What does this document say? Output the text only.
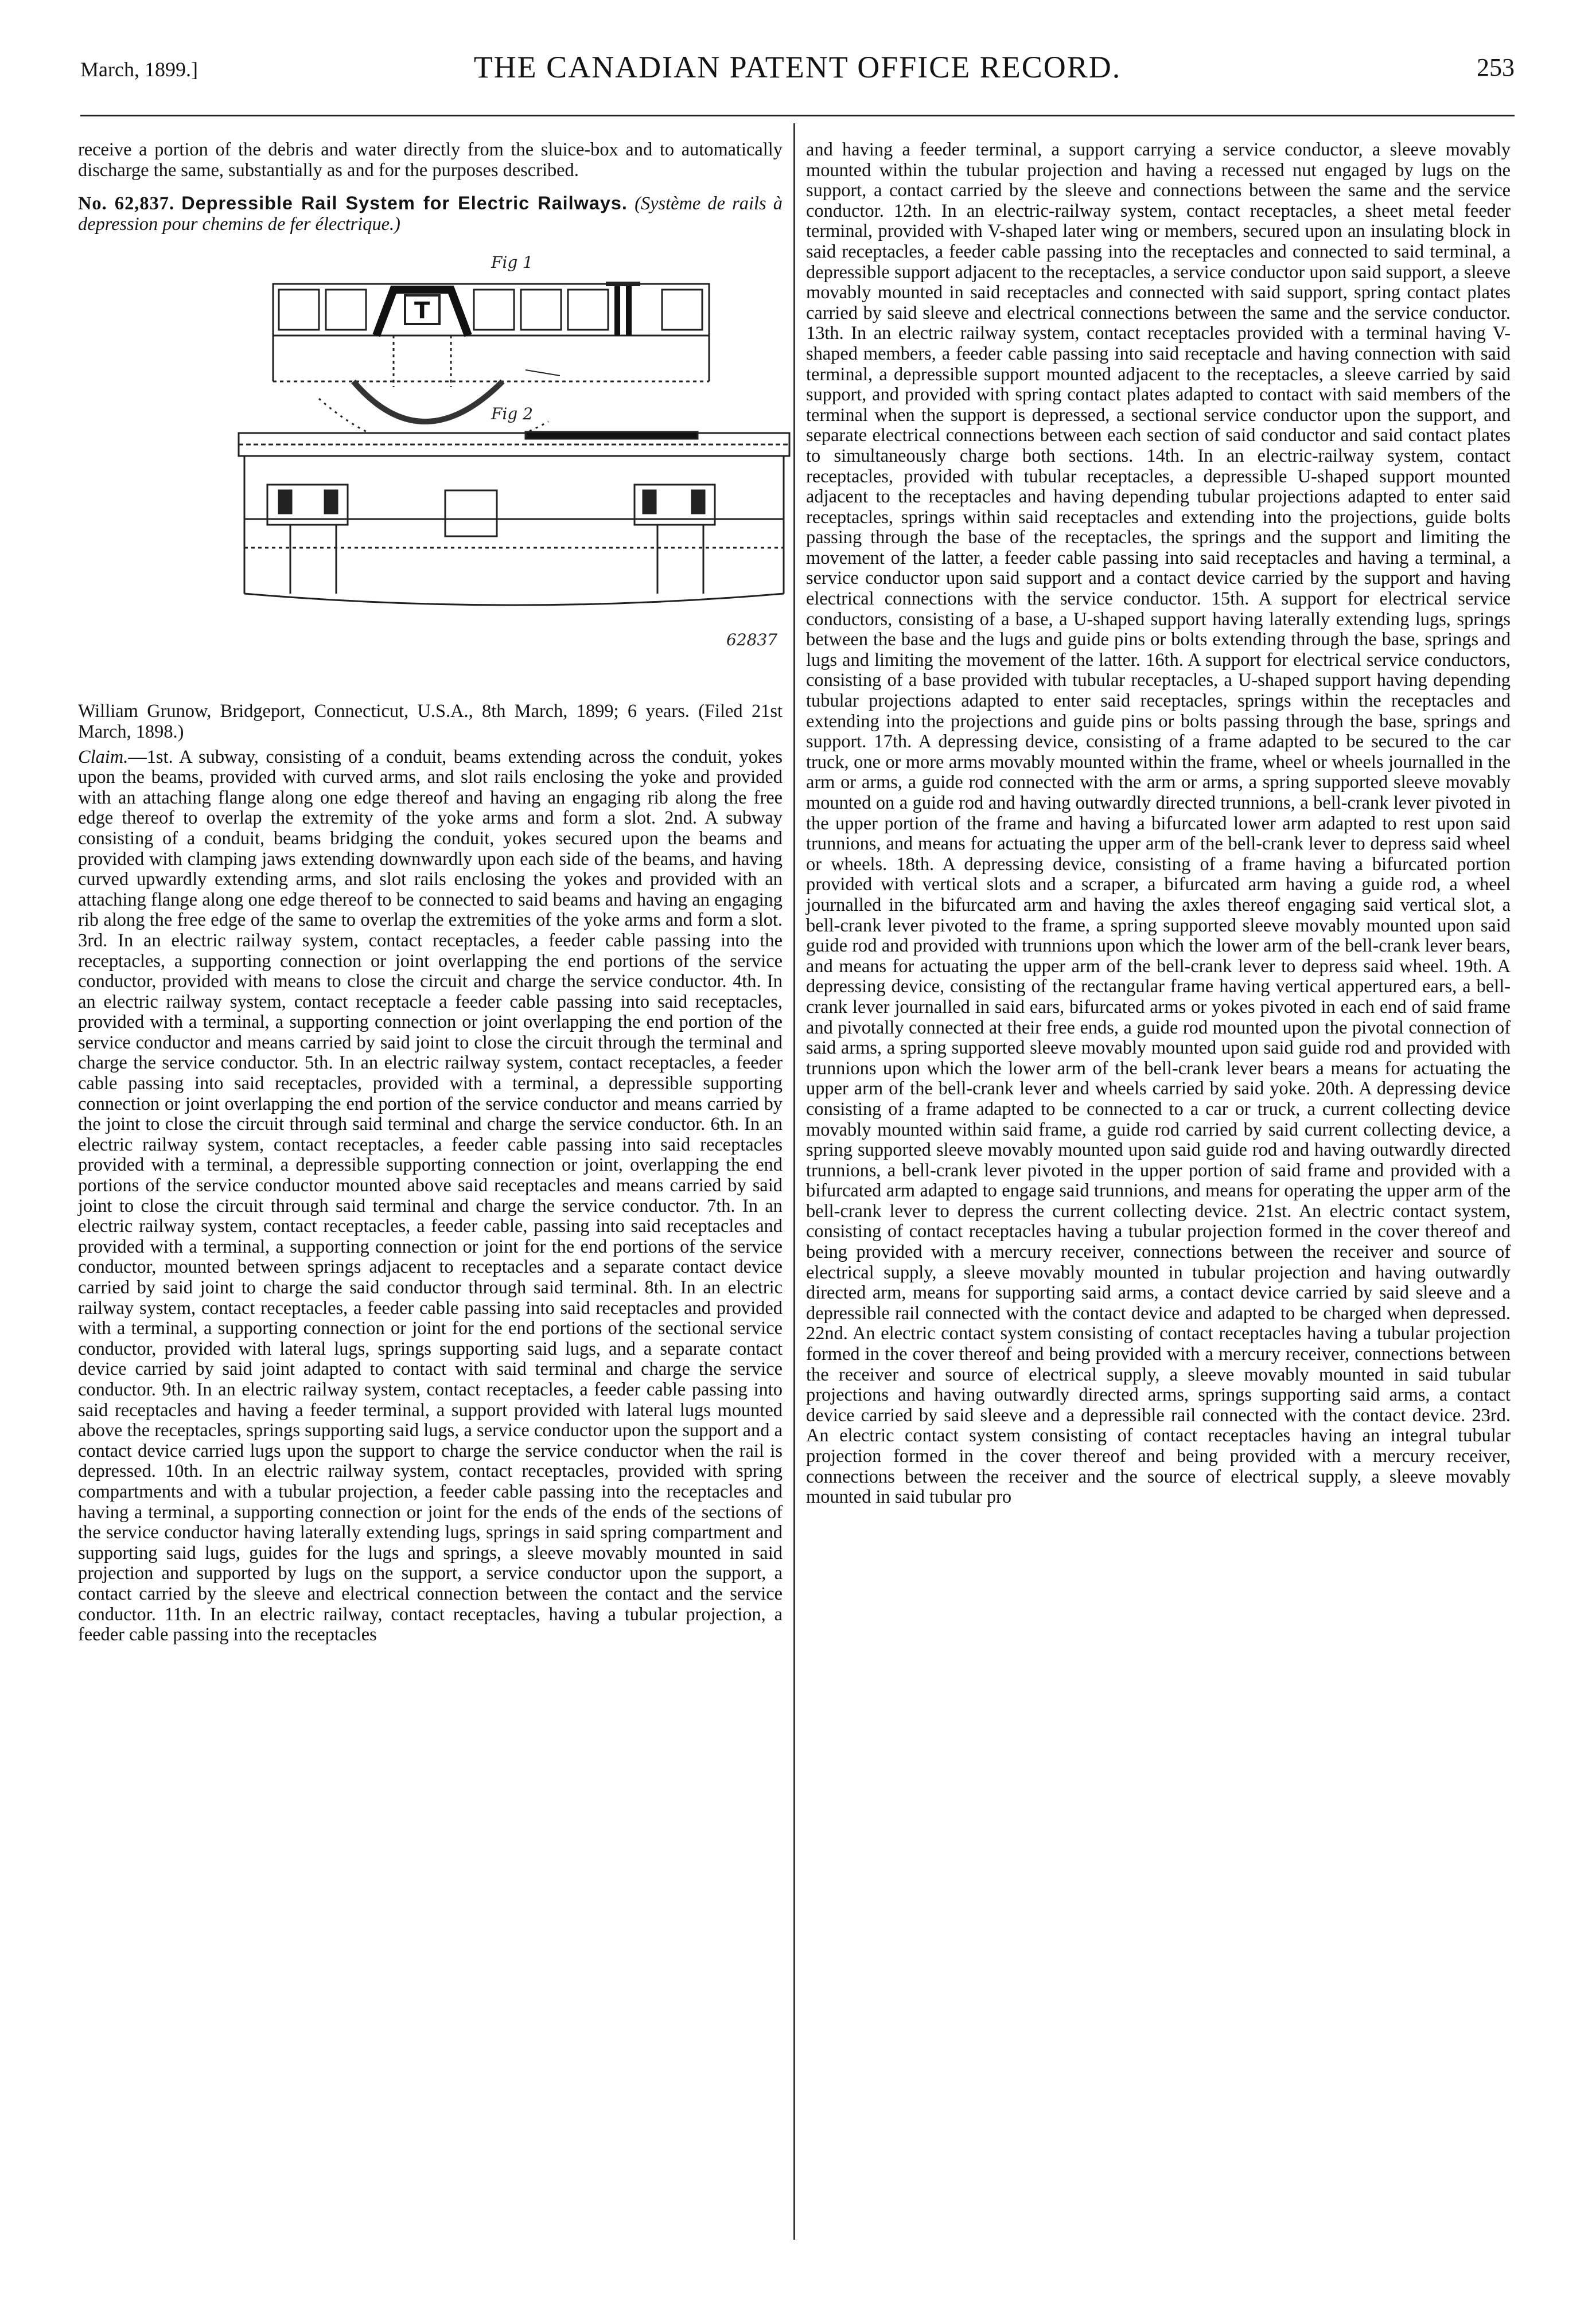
March, 1899.]	THE CANADIAN PATENT OFFICE RECORD.	253

receive a portion of the debris and water directly from the sluice-box and to automatically discharge the same, substantially as and for the purposes described.

No. 62,837. Depressible Rail System for Electric Railways. (Système de rails à depression pour chemins de fer électrique.)

Fig 1
T
Fig 2
62837

William Grunow, Bridgeport, Connecticut, U.S.A., 8th March, 1899; 6 years. (Filed 21st March, 1898.)

Claim.—1st. A subway, consisting of a conduit, beams extending across the conduit, yokes upon the beams, provided with curved arms, and slot rails enclosing the yoke and provided with an attaching flange along one edge thereof and having an engaging rib along the free edge thereof to overlap the extremity of the yoke arms and form a slot. 2nd. A subway consisting of a conduit, beams bridging the conduit, yokes secured upon the beams and provided with clamping jaws extending downwardly upon each side of the beams, and having curved upwardly extending arms, and slot rails enclosing the yokes and provided with an attaching flange along one edge thereof to be connected to said beams and having an engaging rib along the free edge of the same to overlap the extremities of the yoke arms and form a slot. 3rd. In an electric railway system, contact receptacles, a feeder cable passing into the receptacles, a supporting connection or joint overlapping the end portions of the service conductor, provided with means to close the circuit and charge the service conductor. 4th. In an electric railway system, contact receptacle a feeder cable passing into said receptacles, provided with a terminal, a supporting connection or joint overlapping the end portion of the service conductor and means carried by said joint to close the circuit through the terminal and charge the service conductor. 5th. In an electric railway system, contact receptacles, a feeder cable passing into said receptacles, provided with a terminal, a depressible supporting connection or joint overlapping the end portion of the service conductor and means carried by the joint to close the circuit through said terminal and charge the service conductor. 6th. In an electric railway system, contact receptacles, a feeder cable passing into said receptacles provided with a terminal, a depressible supporting connection or joint, overlapping the end portions of the service conductor mounted above said receptacles and means carried by said joint to close the circuit through said terminal and charge the service conductor. 7th. In an electric railway system, contact receptacles, a feeder cable, passing into said receptacles and provided with a terminal, a supporting connection or joint for the end portions of the service conductor, mounted between springs adjacent to receptacles and a separate contact device carried by said joint to charge the said conductor through said terminal. 8th. In an electric railway system, contact receptacles, a feeder cable passing into said receptacles and provided with a terminal, a supporting connection or joint for the end portions of the sectional service conductor, provided with lateral lugs, springs supporting said lugs, and a separate contact device carried by said joint adapted to contact with said terminal and charge the service conductor. 9th. In an electric railway system, contact receptacles, a feeder cable passing into said receptacles and having a feeder terminal, a support provided with lateral lugs mounted above the receptacles, springs supporting said lugs, a service conductor upon the support and a contact device carried lugs upon the support to charge the service conductor when the rail is depressed. 10th. In an electric railway system, contact receptacles, provided with spring compartments and with a tubular projection, a feeder cable passing into the receptacles and having a terminal, a supporting connection or joint for the ends of the ends of the sections of the service conductor having laterally extending lugs, springs in said spring compartment and supporting said lugs, guides for the lugs and springs, a sleeve movably mounted in said projection and supported by lugs on the support, a service conductor upon the support, a contact carried by the sleeve and electrical connection between the contact and the service conductor. 11th. In an electric railway, contact receptacles, having a tubular projection, a feeder cable passing into the receptacles

and having a feeder terminal, a support carrying a service conductor, a sleeve movably mounted within the tubular projection and having a recessed nut engaged by lugs on the support, a contact carried by the sleeve and connections between the same and the service conductor. 12th. In an electric-railway system, contact receptacles, a sheet metal feeder terminal, provided with V-shaped later wing or members, secured upon an insulating block in said receptacles, a feeder cable passing into the receptacles and connected to said terminal, a depressible support adjacent to the receptacles, a service conductor upon said support, a sleeve movably mounted in said receptacles and connected with said support, spring contact plates carried by said sleeve and electrical connections between the same and the service conductor. 13th. In an electric railway system, contact receptacles provided with a terminal having V-shaped members, a feeder cable passing into said receptacle and having connection with said terminal, a depressible support mounted adjacent to the receptacles, a sleeve carried by said support, and provided with spring contact plates adapted to contact with said members of the terminal when the support is depressed, a sectional service conductor upon the support, and separate electrical connections between each section of said conductor and said contact plates to simultaneously charge both sections. 14th. In an electric-railway system, contact receptacles, provided with tubular receptacles, a depressible U-shaped support mounted adjacent to the receptacles and having depending tubular projections adapted to enter said receptacles, springs within said receptacles and extending into the projections, guide bolts passing through the base of the receptacles, the springs and the support and limiting the movement of the latter, a feeder cable passing into said receptacles and having a terminal, a service conductor upon said support and a contact device carried by the support and having electrical connections with the service conductor. 15th. A support for electrical service conductors, consisting of a base, a U-shaped support having laterally extending lugs, springs between the base and the lugs and guide pins or bolts extending through the base, springs and lugs and limiting the movement of the latter. 16th. A support for electrical service conductors, consisting of a base provided with tubular receptacles, a U-shaped support having depending tubular projections adapted to enter said receptacles, springs within the receptacles and extending into the projections and guide pins or bolts passing through the base, springs and support. 17th. A depressing device, consisting of a frame adapted to be secured to the car truck, one or more arms movably mounted within the frame, wheel or wheels journalled in the arm or arms, a guide rod connected with the arm or arms, a spring supported sleeve movably mounted on a guide rod and having outwardly directed trunnions, a bell-crank lever pivoted in the upper portion of the frame and having a bifurcated lower arm adapted to rest upon said trunnions, and means for actuating the upper arm of the bell-crank lever to depress said wheel or wheels. 18th. A depressing device, consisting of a frame having a bifurcated portion provided with vertical slots and a scraper, a bifurcated arm having a guide rod, a wheel journalled in the bifurcated arm and having the axles thereof engaging said vertical slot, a bell-crank lever pivoted to the frame, a spring supported sleeve movably mounted upon said guide rod and provided with trunnions upon which the lower arm of the bell-crank lever bears, and means for actuating the upper arm of the bell-crank lever to depress said wheel. 19th. A depressing device, consisting of the rectangular frame having vertical appertured ears, a bell-crank lever journalled in said ears, bifurcated arms or yokes pivoted in each end of said frame and pivotally connected at their free ends, a guide rod mounted upon the pivotal connection of said arms, a spring supported sleeve movably mounted upon said guide rod and provided with trunnions upon which the lower arm of the bell-crank lever bears a means for actuating the upper arm of the bell-crank lever and wheels carried by said yoke. 20th. A depressing device consisting of a frame adapted to be connected to a car or truck, a current collecting device movably mounted within said frame, a guide rod carried by said current collecting device, a spring supported sleeve movably mounted upon said guide rod and having outwardly directed trunnions, a bell-crank lever pivoted in the upper portion of said frame and provided with a bifurcated arm adapted to engage said trunnions, and means for operating the upper arm of the bell-crank lever to depress the current collecting device. 21st. An electric contact system, consisting of contact receptacles having a tubular projection formed in the cover thereof and being provided with a mercury receiver, connections between the receiver and source of electrical supply, a sleeve movably mounted in tubular projection and having outwardly directed arm, means for supporting said arms, a contact device carried by said sleeve and a depressible rail connected with the contact device and adapted to be charged when depressed. 22nd. An electric contact system consisting of contact receptacles having a tubular projection formed in the cover thereof and being provided with a mercury receiver, connections between the receiver and source of electrical supply, a sleeve movably mounted in said tubular projections and having outwardly directed arms, springs supporting said arms, a contact device carried by said sleeve and a depressible rail connected with the contact device. 23rd. An electric contact system consisting of contact receptacles having an integral tubular projection formed in the cover thereof and being provided with a mercury receiver, connections between the receiver and the source of electrical supply, a sleeve movably mounted in said tubular pro
